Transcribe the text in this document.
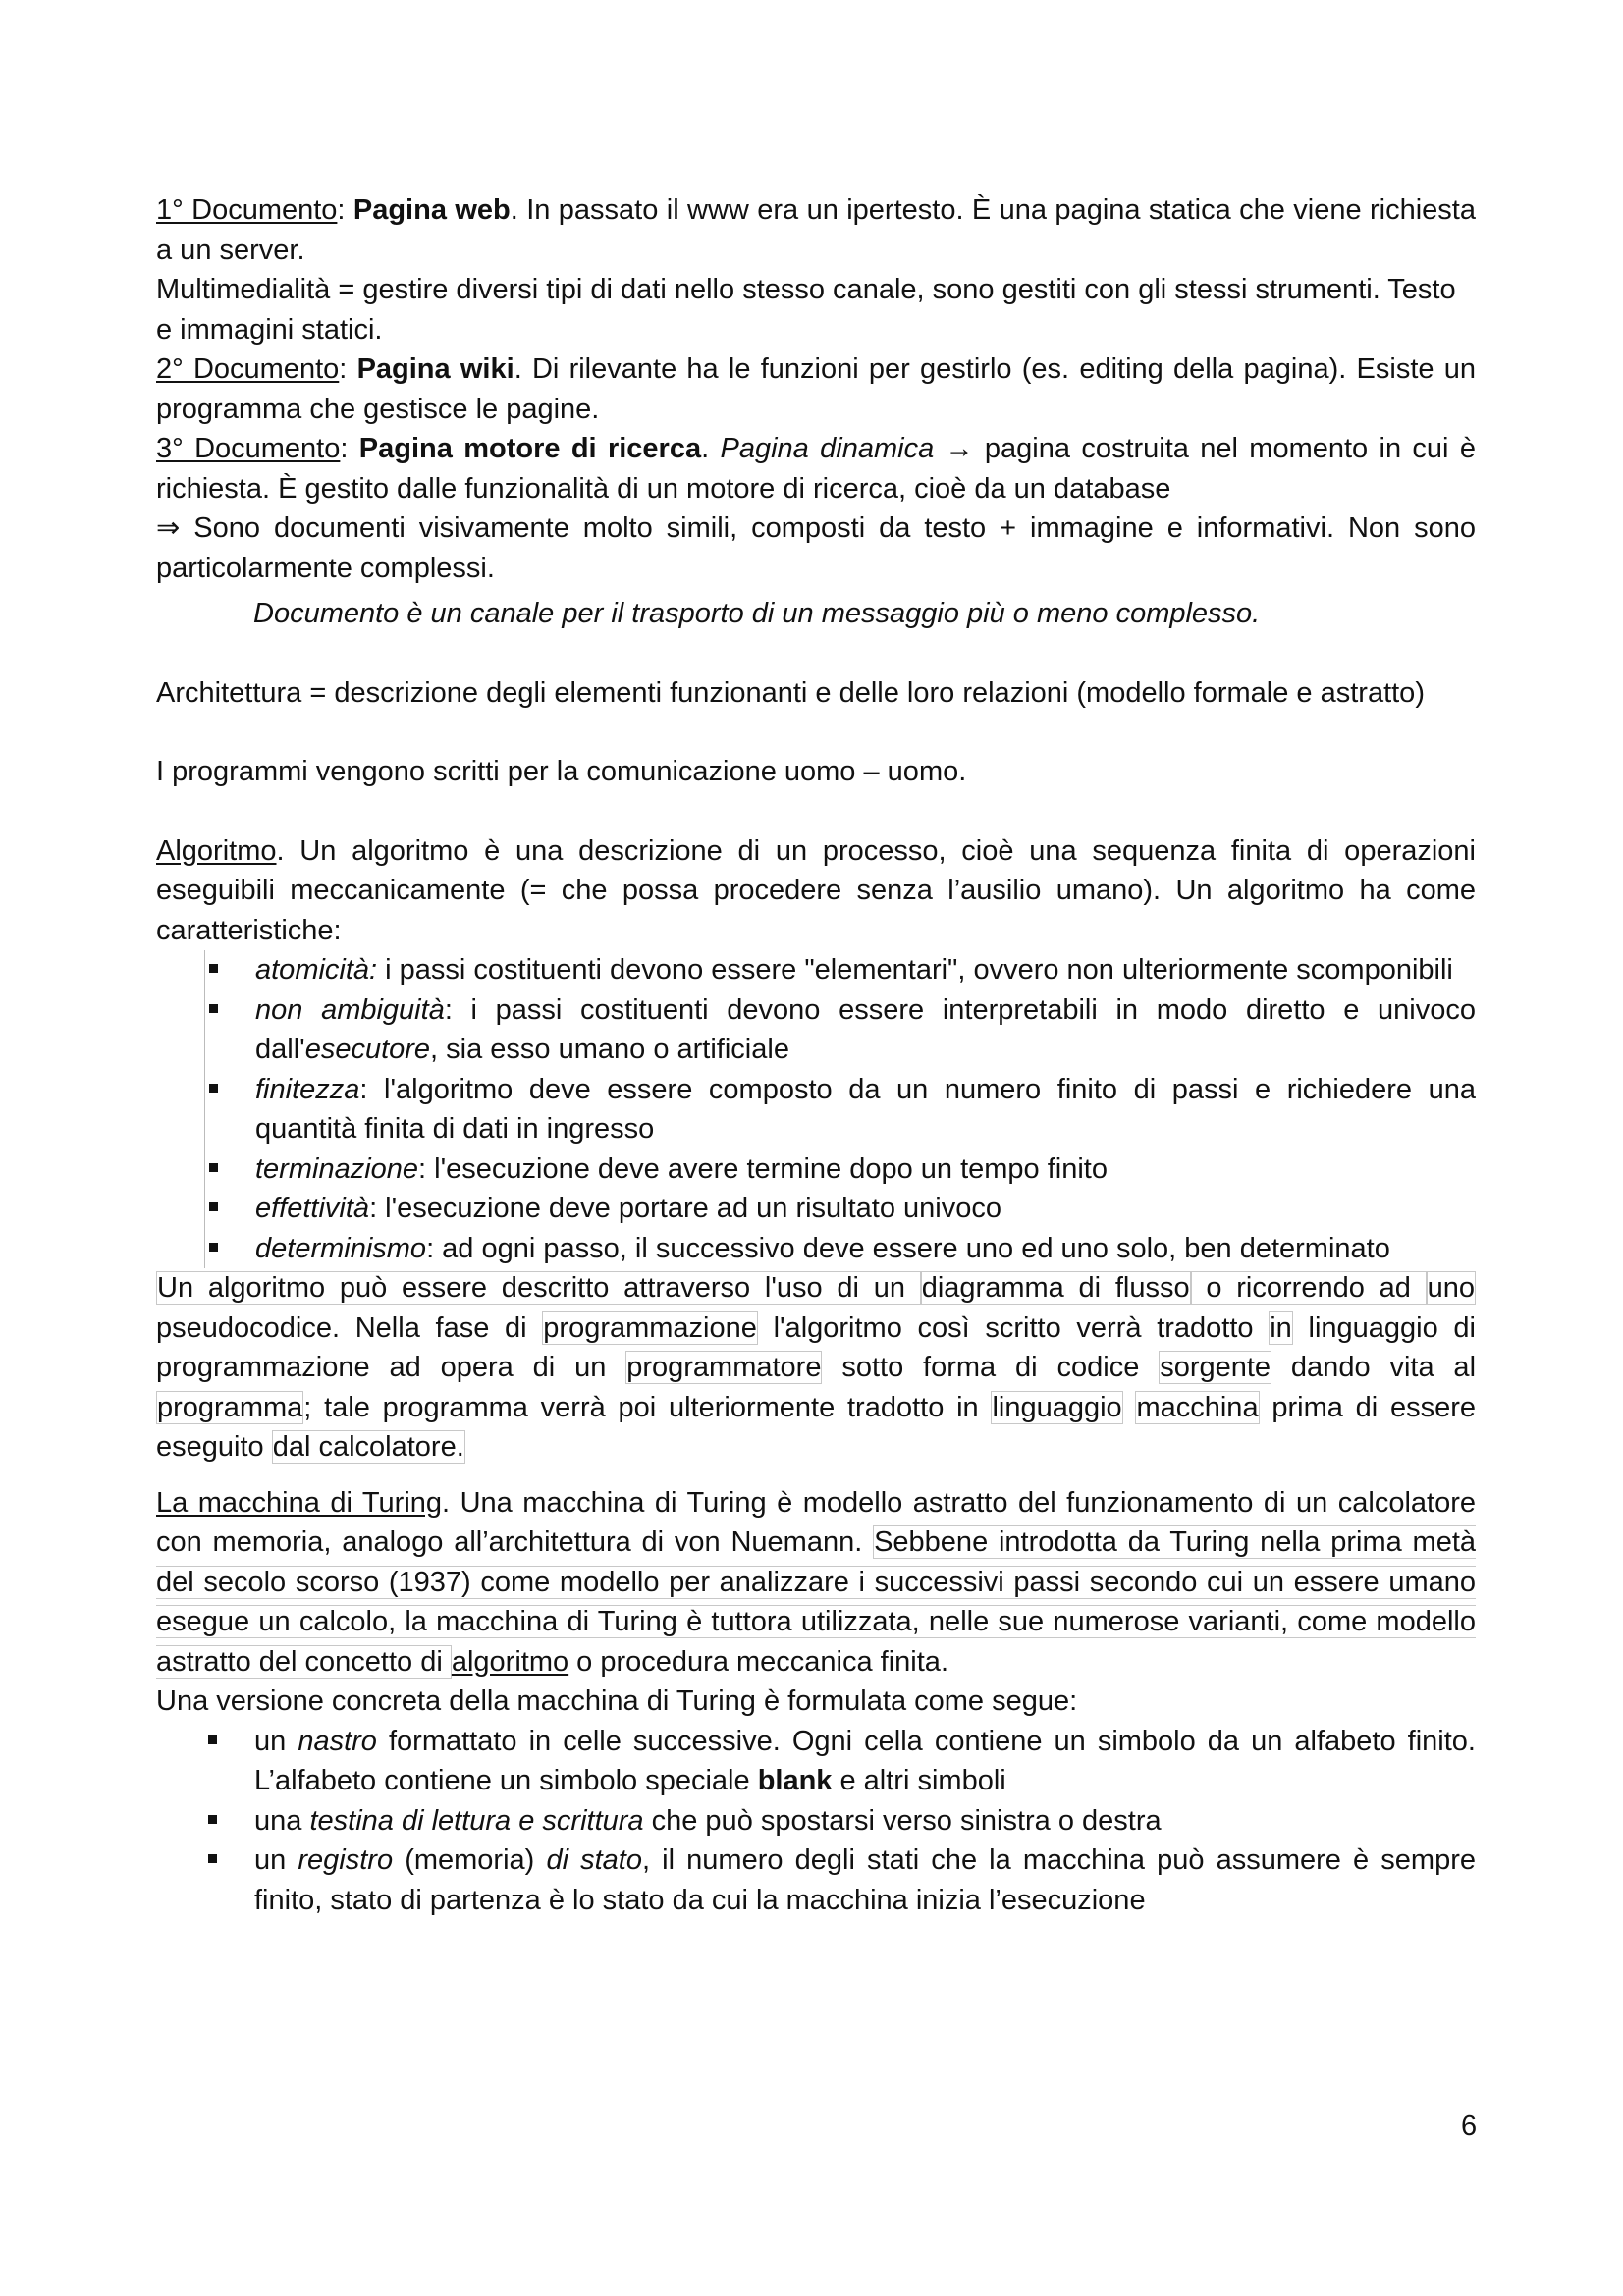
1° Documento: Pagina web. In passato il www era un ipertesto. È una pagina statica che viene richiesta a un server.

Multimedialità = gestire diversi tipi di dati nello stesso canale, sono gestiti con gli stessi strumenti. Testo e immagini statici.

2° Documento: Pagina wiki. Di rilevante ha le funzioni per gestirlo (es. editing della pagina). Esiste un programma che gestisce le pagine.

3° Documento: Pagina motore di ricerca. Pagina dinamica → pagina costruita nel momento in cui è richiesta. È gestito dalle funzionalità di un motore di ricerca, cioè da un database

⇒ Sono documenti visivamente molto simili, composti da testo + immagine e informativi. Non sono particolarmente complessi.

Documento è un canale per il trasporto di un messaggio più o meno complesso.

Architettura = descrizione degli elementi funzionanti e delle loro relazioni (modello formale e astratto)

I programmi vengono scritti per la comunicazione uomo – uomo.

Algoritmo. Un algoritmo è una descrizione di un processo, cioè una sequenza finita di operazioni eseguibili meccanicamente (= che possa procedere senza l’ausilio umano). Un algoritmo ha come caratteristiche:

atomicità: i passi costituenti devono essere "elementari", ovvero non ulteriormente scomponibili
non ambiguità: i passi costituenti devono essere interpretabili in modo diretto e univoco dall'esecutore, sia esso umano o artificiale
finitezza: l'algoritmo deve essere composto da un numero finito di passi e richiedere una quantità finita di dati in ingresso
terminazione: l'esecuzione deve avere termine dopo un tempo finito
effettività: l'esecuzione deve portare ad un risultato univoco
determinismo: ad ogni passo, il successivo deve essere uno ed uno solo, ben determinato

Un algoritmo può essere descritto attraverso l'uso di un diagramma di flusso o ricorrendo ad uno pseudocodice. Nella fase di programmazione l'algoritmo così scritto verrà tradotto in linguaggio di programmazione ad opera di un programmatore sotto forma di codice sorgente dando vita al programma; tale programma verrà poi ulteriormente tradotto in linguaggio macchina prima di essere eseguito dal calcolatore.

La macchina di Turing. Una macchina di Turing è modello astratto del funzionamento di un calcolatore con memoria, analogo all’architettura di von Nuemann. Sebbene introdotta da Turing nella prima metà del secolo scorso (1937) come modello per analizzare i successivi passi secondo cui un essere umano esegue un calcolo, la macchina di Turing è tuttora utilizzata, nelle sue numerose varianti, come modello astratto del concetto di algoritmo o procedura meccanica finita.

Una versione concreta della macchina di Turing è formulata come segue:

un nastro formattato in celle successive. Ogni cella contiene un simbolo da un alfabeto finito. L’alfabeto contiene un simbolo speciale blank e altri simboli
una testina di lettura e scrittura che può spostarsi verso sinistra o destra
un registro (memoria) di stato, il numero degli stati che la macchina può assumere è sempre finito, stato di partenza è lo stato da cui la macchina inizia l’esecuzione
6
